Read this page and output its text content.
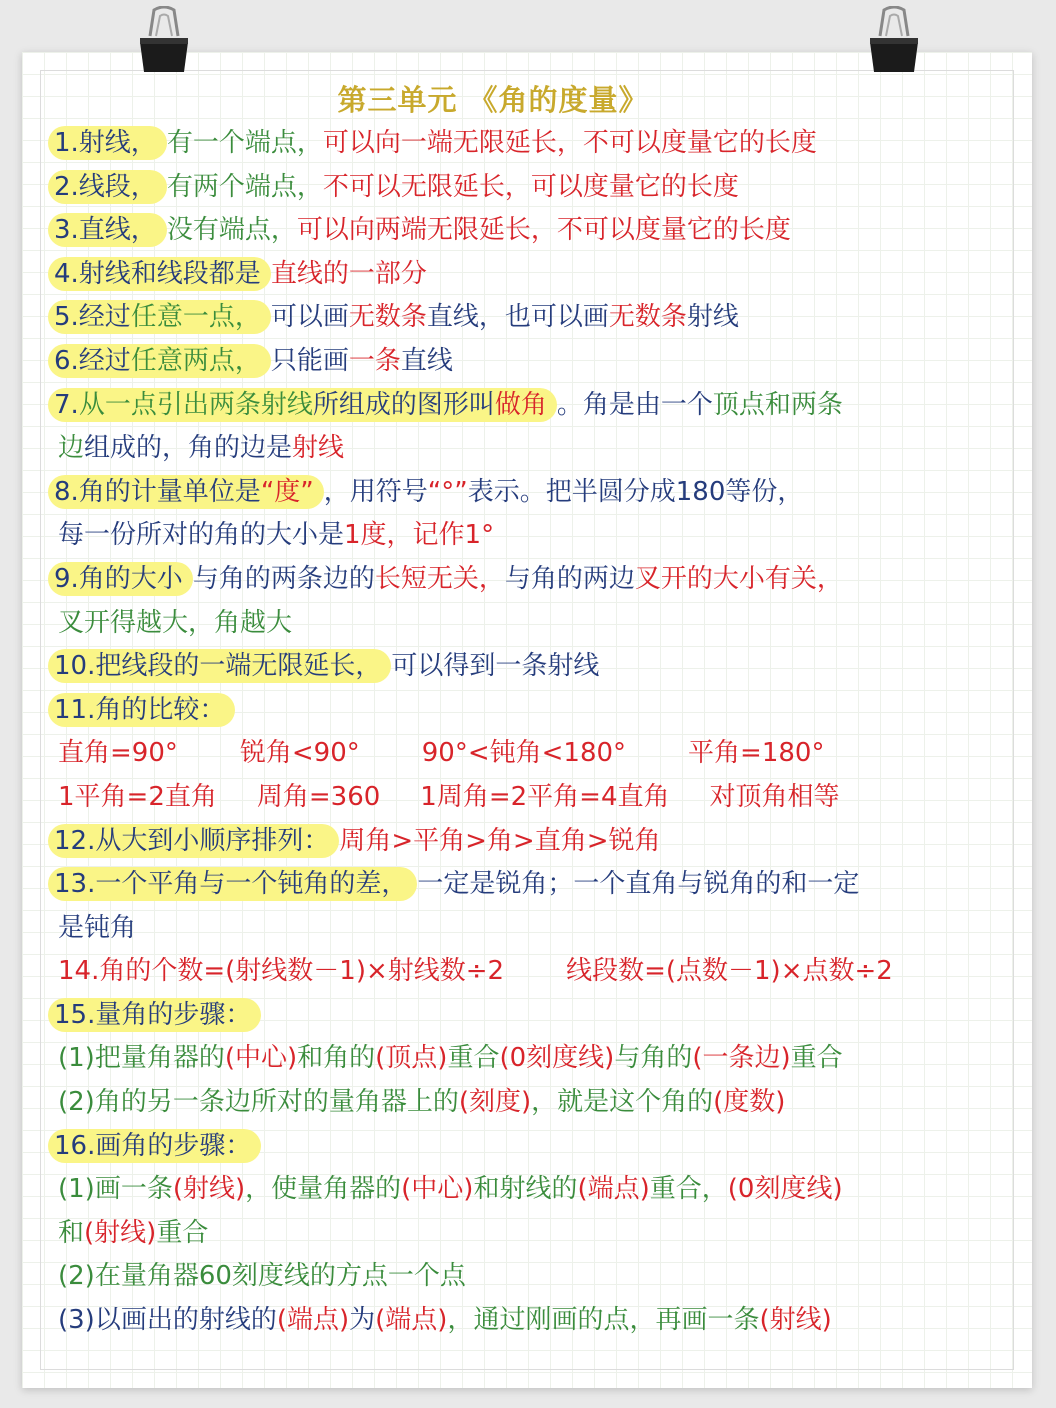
第三单元 《角的度量》
1.射线， 有一个端点，可以向一端无限延长，不可以度量它的长度
2.线段， 有两个端点，不可以无限延长，可以度量它的长度
3.直线， 没有端点，可以向两端无限延长，不可以度量它的长度
4.射线和线段都是 直线的一部分
5.经过任意一点， 可以画无数条直线，也可以画无数条射线
6.经过任意两点， 只能画一条直线
7.从一点引出两条射线所组成的图形叫做角 。角是由一个顶点和两条
边组成的，角的边是射线
8.角的计量单位是“度” ，用符号“°”表示。把半圆分成180等份，
每一份所对的角的大小是1度，记作1°
9.角的大小 与角的两条边的长短无关，与角的两边叉开的大小有关，
叉开得越大，角越大
10.把线段的一端无限延长， 可以得到一条射线
11.角的比较：
直角=90° 锐角<90° 90°<钝角<180° 平角=180°
1平角=2直角 周角=360 1周角=2平角=4直角 对顶角相等
12.从大到小顺序排列： 周角>平角>角>直角>锐角
13.一个平角与一个钝角的差， 一定是锐角；一个直角与锐角的和一定
是钝角
14.角的个数=(射线数－1)×射线数÷2 线段数=(点数－1)×点数÷2
15.量角的步骤：
(1)把量角器的(中心)和角的(顶点)重合(0刻度线)与角的(一条边)重合
(2)角的另一条边所对的量角器上的(刻度)，就是这个角的(度数)
16.画角的步骤：
(1)画一条(射线)，使量角器的(中心)和射线的(端点)重合，(0刻度线)
和(射线)重合
(2)在量角器60刻度线的方点一个点
(3)以画出的射线的(端点)为(端点)，通过刚画的点，再画一条(射线)
